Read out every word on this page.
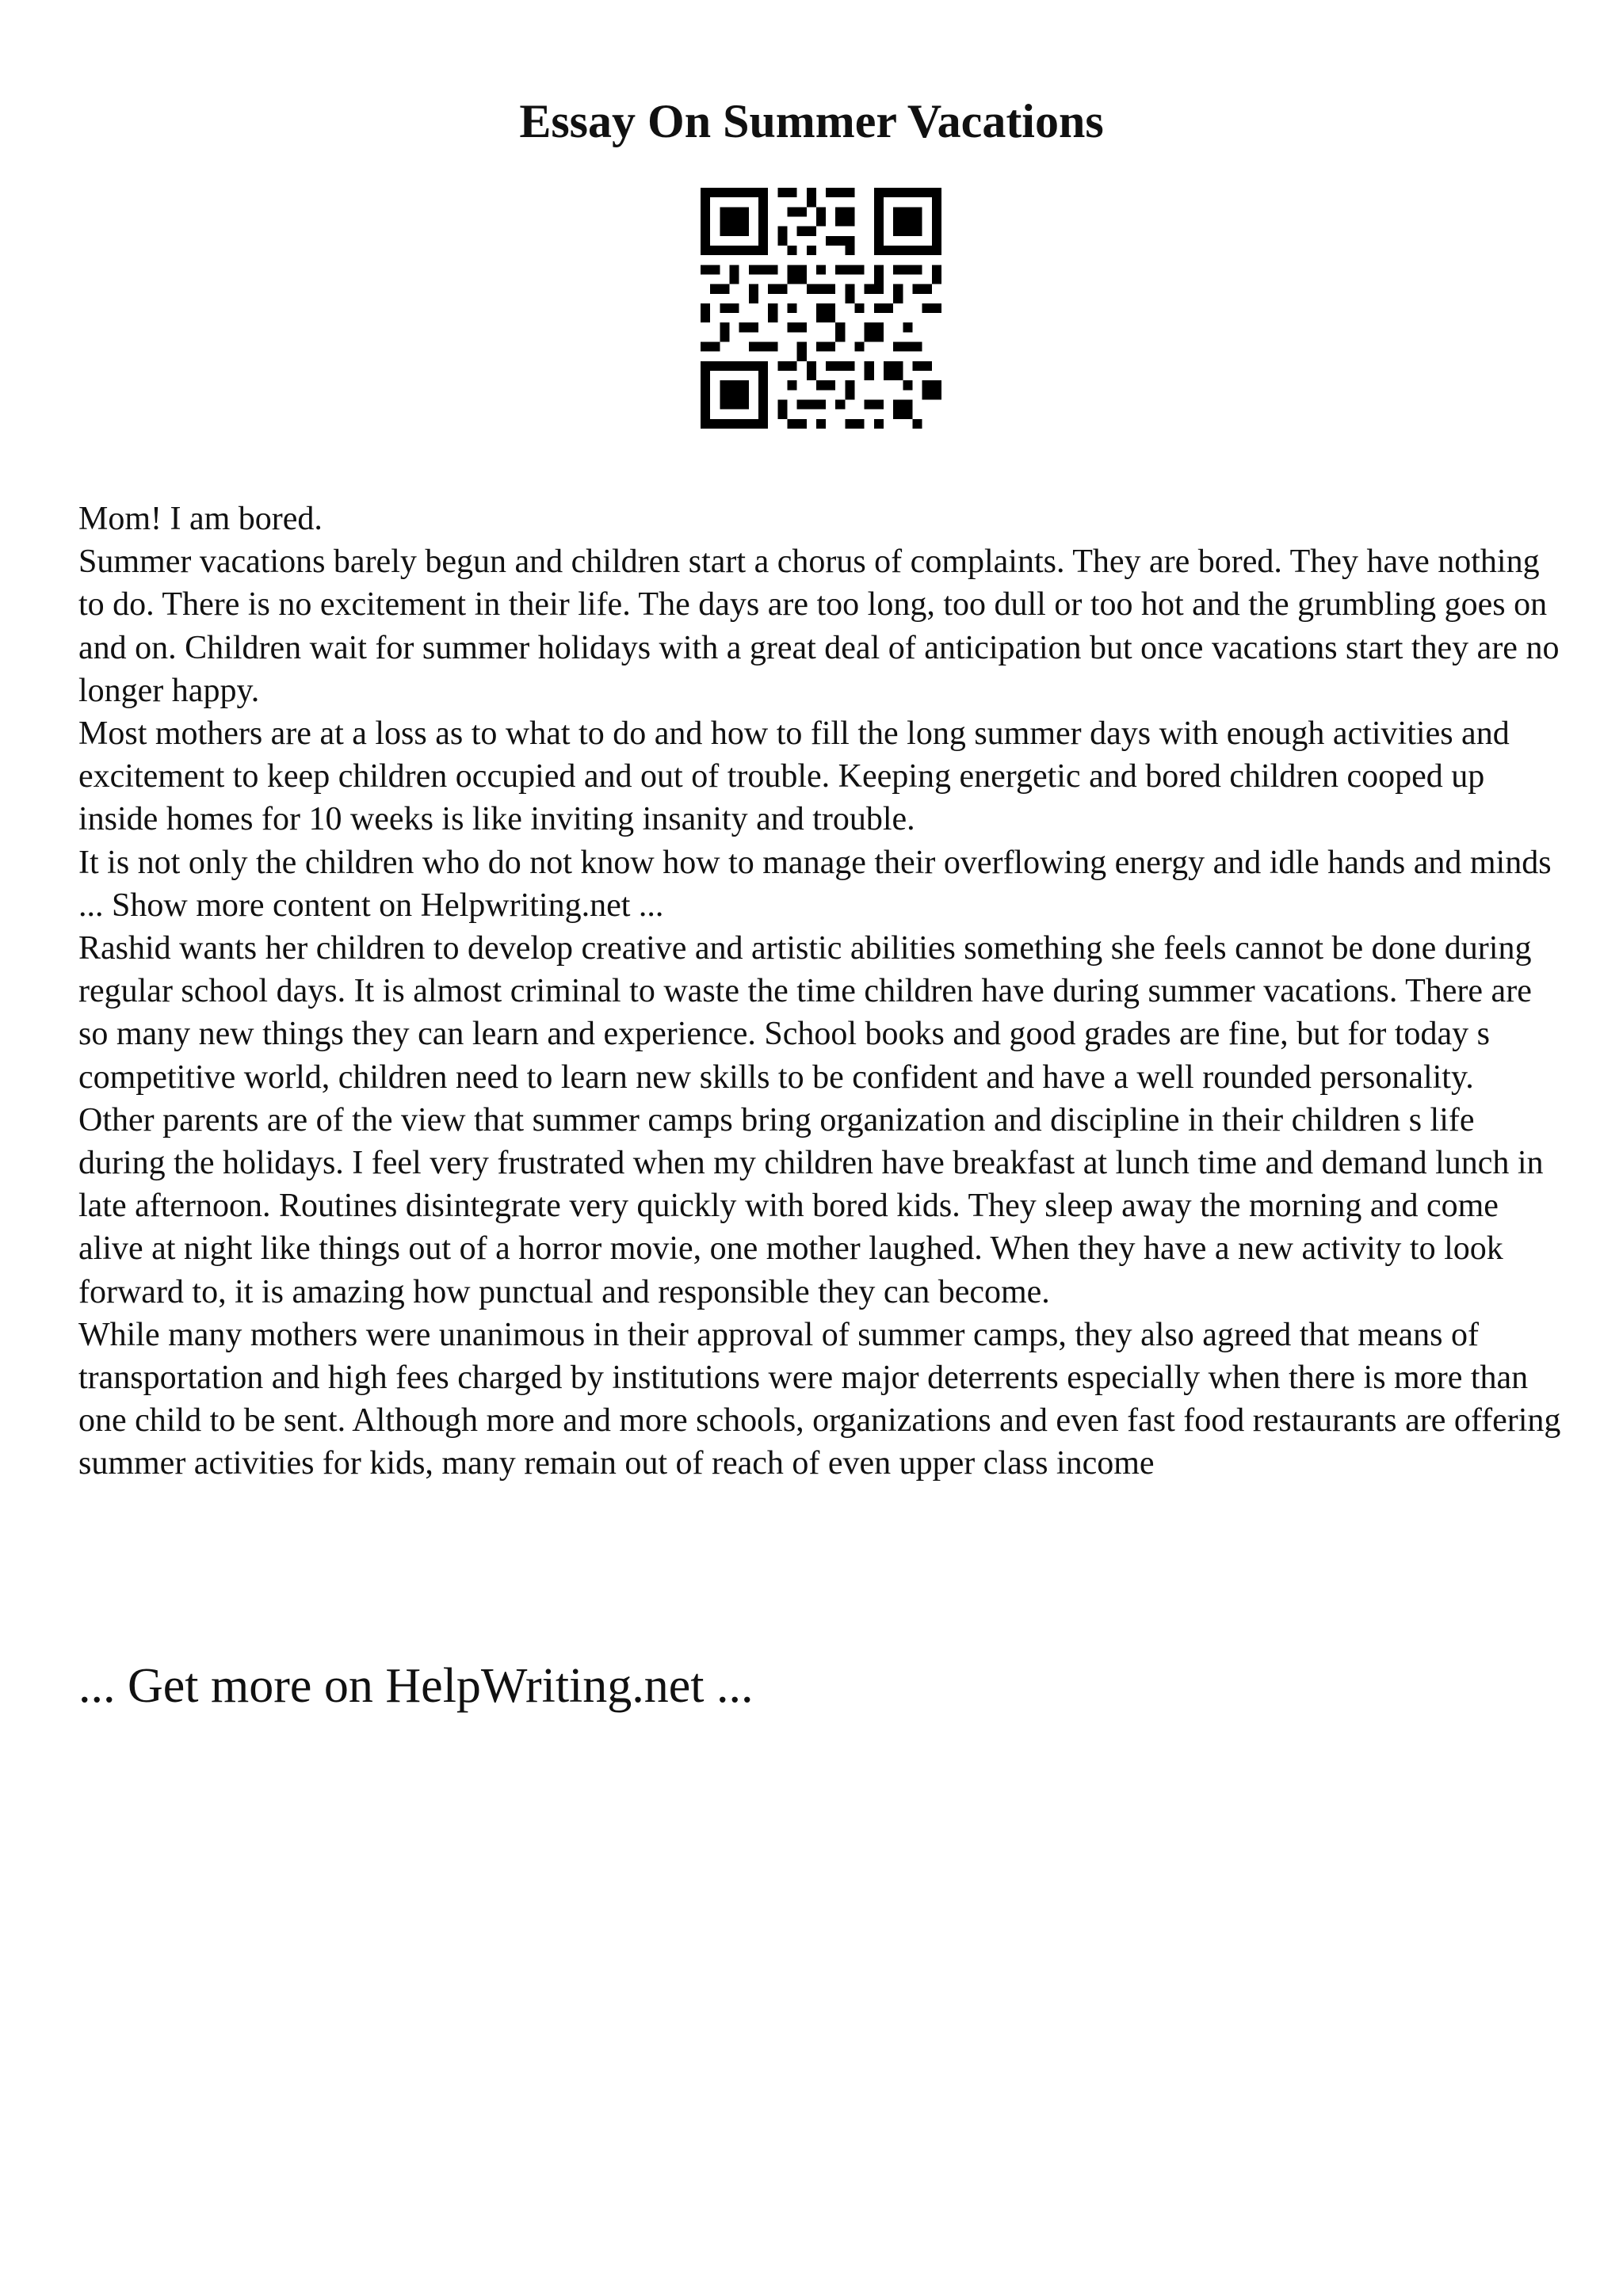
Essay On Summer Vacations

Mom! I am bored.

Summer vacations barely begun and children start a chorus of complaints. They are bored. They have nothing to do. There is no excitement in their life. The days are too long, too dull or too hot and the grumbling goes on and on. Children wait for summer holidays with a great deal of anticipation but once vacations start they are no longer happy.

Most mothers are at a loss as to what to do and how to fill the long summer days with enough activities and excitement to keep children occupied and out of trouble. Keeping energetic and bored children cooped up inside homes for 10 weeks is like inviting insanity and trouble.

It is not only the children who do not know how to manage their overflowing energy and idle hands and minds ... Show more content on Helpwriting.net ...

Rashid wants her children to develop creative and artistic abilities something she feels cannot be done during regular school days. It is almost criminal to waste the time children have during summer vacations. There are so many new things they can learn and experience. School books and good grades are fine, but for today s competitive world, children need to learn new skills to be confident and have a well rounded personality.

Other parents are of the view that summer camps bring organization and discipline in their children s life during the holidays. I feel very frustrated when my children have breakfast at lunch time and demand lunch in late afternoon. Routines disintegrate very quickly with bored kids. They sleep away the morning and come alive at night like things out of a horror movie, one mother laughed. When they have a new activity to look forward to, it is amazing how punctual and responsible they can become.

While many mothers were unanimous in their approval of summer camps, they also agreed that means of transportation and high fees charged by institutions were major deterrents especially when there is more than one child to be sent. Although more and more schools, organizations and even fast food restaurants are offering summer activities for kids, many remain out of reach of even upper class income

... Get more on HelpWriting.net ...
